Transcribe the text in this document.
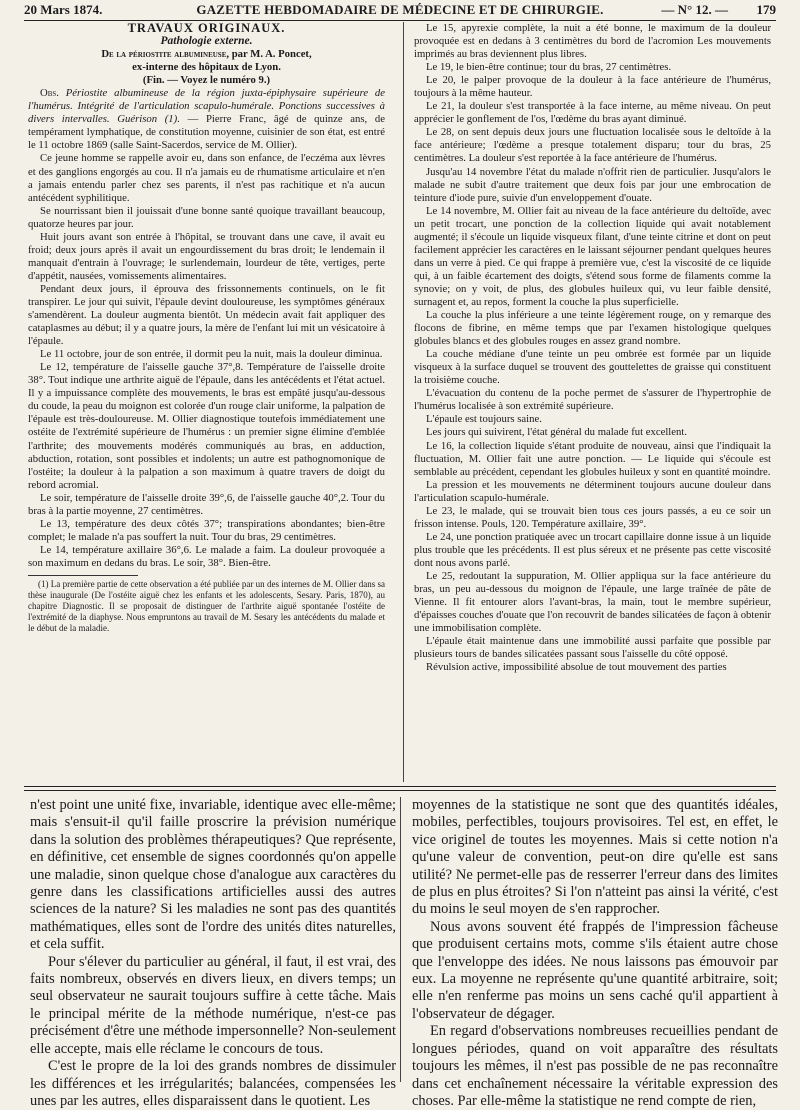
20 Mars 1874.	GAZETTE HEBDOMADAIRE DE MÉDECINE ET DE CHIRURGIE.	— N° 12. — 179

TRAVAUX ORIGINAUX.

Pathologie externe.

De la périostite albumineuse, par M. A. Poncet,

ex-interne des hôpitaux de Lyon.

(Fin. — Voyez le numéro 9.)

Obs. Périostite albumineuse de la région juxta-épiphysaire supérieure de l'humérus. Intégrité de l'articulation scapulo-humérale. Ponctions successives à divers intervalles. Guérison (1). — Pierre Franc, âgé de quinze ans, de tempérament lymphatique, de constitution moyenne, cuisinier de son état, est entré le 11 octobre 1869 (salle Saint-Sacerdos, service de M. Ollier).

Ce jeune homme se rappelle avoir eu, dans son enfance, de l'eczéma aux lèvres et des ganglions engorgés au cou. Il n'a jamais eu de rhumatisme articulaire et n'en a jamais entendu parler chez ses parents, il n'est pas rachitique et n'a aucun antécédent syphilitique.

Se nourrissant bien il jouissait d'une bonne santé quoique travaillant beaucoup, quatorze heures par jour.

Huit jours avant son entrée à l'hôpital, se trouvant dans une cave, il avait eu froid; deux jours après il avait un engourdissement du bras droit; le lendemain il manquait d'entrain à l'ouvrage; le surlendemain, lourdeur de tête, vertiges, perte d'appétit, nausées, vomissements alimentaires.

Pendant deux jours, il éprouva des frissonnements continuels, on le fit transpirer. Le jour qui suivit, l'épaule devint douloureuse, les symptômes généraux s'amendèrent. La douleur augmenta bientôt. Un médecin avait fait appliquer des cataplasmes au début; il y a quatre jours, la mère de l'enfant lui mit un vésicatoire à l'épaule.

Le 11 octobre, jour de son entrée, il dormit peu la nuit, mais la douleur diminua.

Le 12, température de l'aisselle gauche 37°,8. Température de l'aisselle droite 38°. Tout indique une arthrite aiguë de l'épaule, dans les antécédents et l'état actuel. Il y a impuissance complète des mouvements, le bras est empâté jusqu'au-dessous du coude, la peau du moignon est colorée d'un rouge clair uniforme, la palpation de l'épaule est très-douloureuse. M. Ollier diagnostique toutefois immédiatement une ostéite de l'extrémité supérieure de l'humérus : un premier signe élimine d'emblée l'arthrite; des mouvements modérés communiqués au bras, en adduction, abduction, rotation, sont possibles et indolents; un autre est pathognomonique de l'ostéite; la douleur à la palpation a son maximum à quatre travers de doigt du rebord acromial.

Le soir, température de l'aisselle droite 39°,6, de l'aisselle gauche 40°,2. Tour du bras à la partie moyenne, 27 centimètres.

Le 13, température des deux côtés 37°; transpirations abondantes; bien-être complet; le malade n'a pas souffert la nuit. Tour du bras, 29 centimètres.

Le 14, température axillaire 36°,6. Le malade a faim. La douleur provoquée a son maximum en dedans du bras. Le soir, 38°. Bien-être.

(1) La première partie de cette observation a été publiée par un des internes de M. Ollier dans sa thèse inaugurale (De l'ostéite aiguë chez les enfants et les adolescents, Sesary. Paris, 1870), au chapitre Diagnostic. Il se proposait de distinguer de l'arthrite aiguë spontanée l'ostéite de l'extrémité de la diaphyse. Nous empruntons au travail de M. Sesary les antécédents du malade et le début de la maladie.

Le 15, apyrexie complète, la nuit a été bonne, le maximum de la douleur provoquée est en dedans à 3 centimètres du bord de l'acromion Les mouvements imprimés au bras deviennent plus libres.

Le 19, le bien-être continue; tour du bras, 27 centimètres.

Le 20, le palper provoque de la douleur à la face antérieure de l'humérus, toujours à la même hauteur.

Le 21, la douleur s'est transportée à la face interne, au même niveau. On peut apprécier le gonflement de l'os, l'œdème du bras ayant diminué.

Le 28, on sent depuis deux jours une fluctuation localisée sous le deltoïde à la face antérieure; l'œdème a presque totalement disparu; tour du bras, 25 centimètres. La douleur s'est reportée à la face antérieure de l'humérus.

Jusqu'au 14 novembre l'état du malade n'offrit rien de particulier. Jusqu'alors le malade ne subit d'autre traitement que deux fois par jour une embrocation de teinture d'iode pure, suivie d'un enveloppement d'ouate.

Le 14 novembre, M. Ollier fait au niveau de la face antérieure du deltoïde, avec un petit trocart, une ponction de la collection liquide qui avait notablement augmenté; il s'écoule un liquide visqueux filant, d'une teinte citrine et dont on peut facilement apprécier les caractères en le laissant séjourner pendant quelques heures dans un verre à pied. Ce qui frappe à première vue, c'est la viscosité de ce liquide qui, à un faible écartement des doigts, s'étend sous forme de filaments comme la synovie; on y voit, de plus, des globules huileux qui, vu leur faible densité, surnagent et, au repos, forment la couche la plus superficielle.

La couche la plus inférieure a une teinte légèrement rouge, on y remarque des flocons de fibrine, en même temps que par l'examen histologique quelques globules blancs et des globules rouges en assez grand nombre.

La couche médiane d'une teinte un peu ombrée est formée par un liquide visqueux à la surface duquel se trouvent des gouttelettes de graisse qui constituent la troisième couche.

L'évacuation du contenu de la poche permet de s'assurer de l'hypertrophie de l'humérus localisée à son extrémité supérieure.

L'épaule est toujours saine.

Les jours qui suivirent, l'état général du malade fut excellent.

Le 16, la collection liquide s'étant produite de nouveau, ainsi que l'indiquait la fluctuation, M. Ollier fait une autre ponction. — Le liquide qui s'écoule est semblable au précédent, cependant les globules huileux y sont en quantité moindre.

La pression et les mouvements ne déterminent toujours aucune douleur dans l'articulation scapulo-humérale.

Le 23, le malade, qui se trouvait bien tous ces jours passés, a eu ce soir un frisson intense. Pouls, 120. Température axillaire, 39°.

Le 24, une ponction pratiquée avec un trocart capillaire donne issue à un liquide plus trouble que les précédents. Il est plus séreux et ne présente pas cette viscosité dont nous avons parlé.

Le 25, redoutant la suppuration, M. Ollier appliqua sur la face antérieure du bras, un peu au-dessous du moignon de l'épaule, une large traînée de pâte de Vienne. Il fit entourer alors l'avant-bras, la main, tout le membre supérieur, d'épaisses couches d'ouate que l'on recouvrit de bandes silicatées de façon à obtenir une immobilisation complète.

L'épaule était maintenue dans une immobilité aussi parfaite que possible par plusieurs tours de bandes silicatées passant sous l'aisselle du côté opposé.

Révulsion active, impossibilité absolue de tout mouvement des parties

n'est point une unité fixe, invariable, identique avec elle-même; mais s'ensuit-il qu'il faille proscrire la prévision numérique dans la solution des problèmes thérapeutiques? Que représente, en définitive, cet ensemble de signes coordonnés qu'on appelle une maladie, sinon quelque chose d'analogue aux caractères du genre dans les classifications artificielles aussi des autres sciences de la nature? Si les maladies ne sont pas des quantités mathématiques, elles sont de l'ordre des unités dites naturelles, et cela suffit.

Pour s'élever du particulier au général, il faut, il est vrai, des faits nombreux, observés en divers lieux, en divers temps; un seul observateur ne saurait toujours suffire à cette tâche. Mais le principal mérite de la méthode numérique, n'est-ce pas précisément d'être une méthode impersonnelle? Non-seulement elle accepte, mais elle réclame le concours de tous.

C'est le propre de la loi des grands nombres de dissimuler les différences et les irrégularités; balancées, compensées les unes par les autres, elles disparaissent dans le quotient. Les

moyennes de la statistique ne sont que des quantités idéales, mobiles, perfectibles, toujours provisoires. Tel est, en effet, le vice originel de toutes les moyennes. Mais si cette notion n'a qu'une valeur de convention, peut-on dire qu'elle est sans utilité? Ne permet-elle pas de resserrer l'erreur dans des limites de plus en plus étroites? Si l'on n'atteint pas ainsi la vérité, c'est du moins le seul moyen de s'en rapprocher.

Nous avons souvent été frappés de l'impression fâcheuse que produisent certains mots, comme s'ils étaient autre chose que l'enveloppe des idées. Ne nous laissons pas émouvoir par eux. La moyenne ne représente qu'une quantité arbitraire, soit; elle n'en renferme pas moins un sens caché qu'il appartient à l'observateur de dégager.

En regard d'observations nombreuses recueillies pendant de longues périodes, quand on voit apparaître des résultats toujours les mêmes, il n'est pas possible de ne pas reconnaître dans cet enchaînement nécessaire la véritable expression des choses. Par elle-même la statistique ne rend compte de rien,
